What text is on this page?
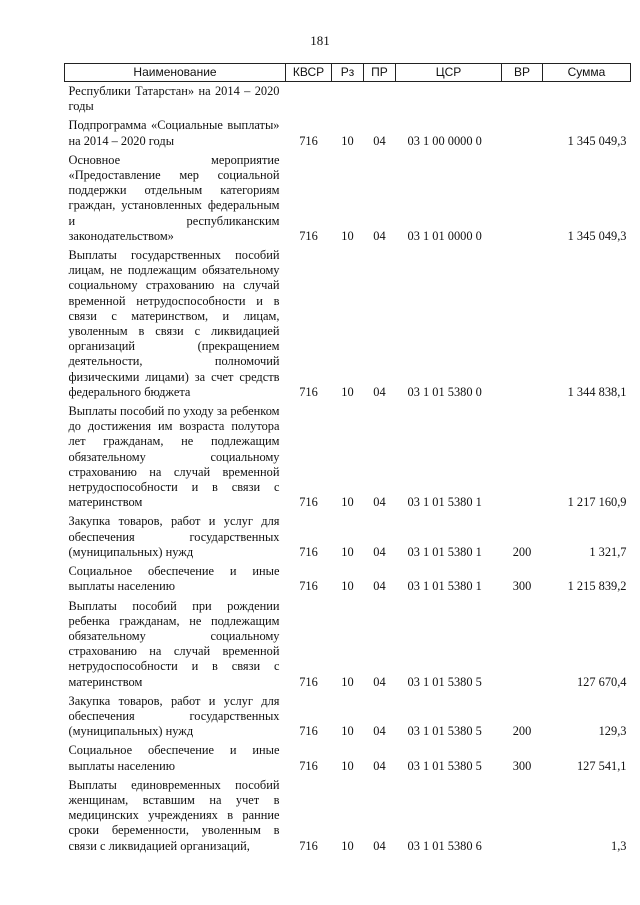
181
Наименование	КВСР	Рз	ПР	ЦСР	ВР	Сумма
Республики Татарстан» на 2014 – 2020 годы						
Подпрограмма «Социальные выплаты» на 2014 – 2020 годы	716	10	04	03 1 00 0000 0		1 345 049,3
Основное мероприятие «Предоставление мер социальной поддержки отдельным категориям граждан, установленных федеральным и республиканским законодательством»	716	10	04	03 1 01 0000 0		1 345 049,3
Выплаты государственных пособий лицам, не подлежащим обязательному социальному страхованию на случай временной нетрудоспособности и в связи с материнством, и лицам, уволенным в связи с ликвидацией организаций (прекращением деятельности, полномочий физическими лицами) за счет средств федерального бюджета	716	10	04	03 1 01 5380 0		1 344 838,1
Выплаты пособий по уходу за ребенком до достижения им возраста полутора лет гражданам, не подлежащим обязательному социальному страхованию на случай временной нетрудоспособности и в связи с материнством	716	10	04	03 1 01 5380 1		1 217 160,9
Закупка товаров, работ и услуг для обеспечения государственных (муниципальных) нужд	716	10	04	03 1 01 5380 1	200	1 321,7
Социальное обеспечение и иные выплаты населению	716	10	04	03 1 01 5380 1	300	1 215 839,2
Выплаты пособий при рождении ребенка гражданам, не подлежащим обязательному социальному страхованию на случай временной нетрудоспособности и в связи с материнством	716	10	04	03 1 01 5380 5		127 670,4
Закупка товаров, работ и услуг для обеспечения государственных (муниципальных) нужд	716	10	04	03 1 01 5380 5	200	129,3
Социальное обеспечение и иные выплаты населению	716	10	04	03 1 01 5380 5	300	127 541,1
Выплаты единовременных пособий женщинам, вставшим на учет в медицинских учреждениях в ранние сроки беременности, уволенным в связи с ликвидацией организаций,	716	10	04	03 1 01 5380 6		1,3
